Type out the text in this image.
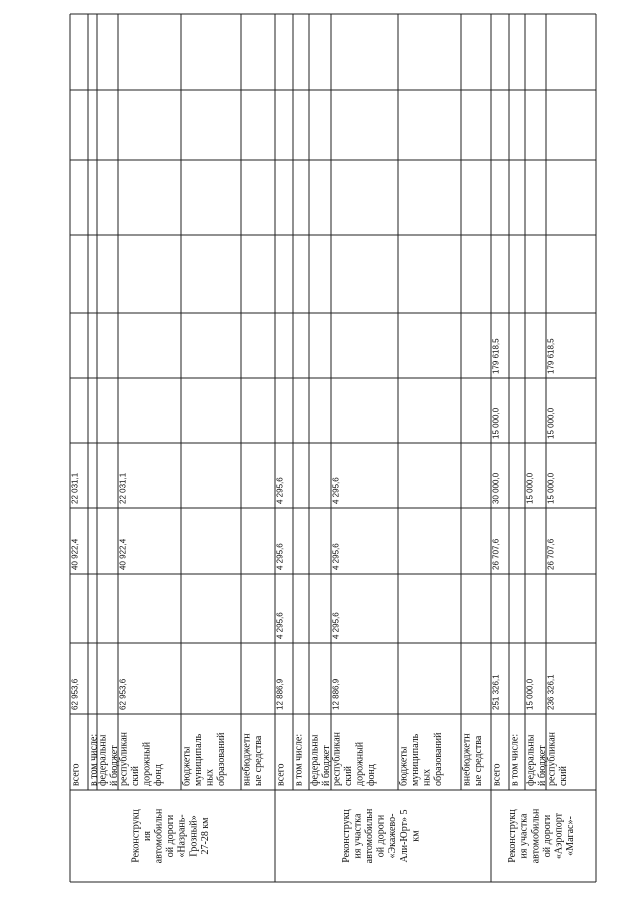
Реконструкц ия автомобильн ой дороги «Назрань- Грозный» 27-28 км
всего
62 953,6
40 922,4
22 031,1
в том числе:
федеральны й бюджет
республикан ский дорожный фонд
62 953,6
40 922,4
22 031,1
бюджеты муниципаль ных образований внебюджетн ые средства
Реконструкц ия участка автомобильн ой дороги «Экажево- Али-Юрт» 5 км
всего
12 886,9
4 295,6
4 295,6
4 295,6
в том числе: федеральны й бюджет республикан ский дорожный фонд
12 886,9
4 295,6
4 295,6
4 295,6
бюджеты муниципаль ных образований внебюджетн ые средства
Реконструкц ия участка автомобильн ой дороги «Аэропорт «Магас»-
всего
251 326,1
26 707,6
30 000,0
15 000,0
179 618,5
в том числе: федеральны й бюджет
15 000,0
15 000,0
республикан ский
236 326,1
26 707,6
15 000,0
15 000,0
179 618,5
